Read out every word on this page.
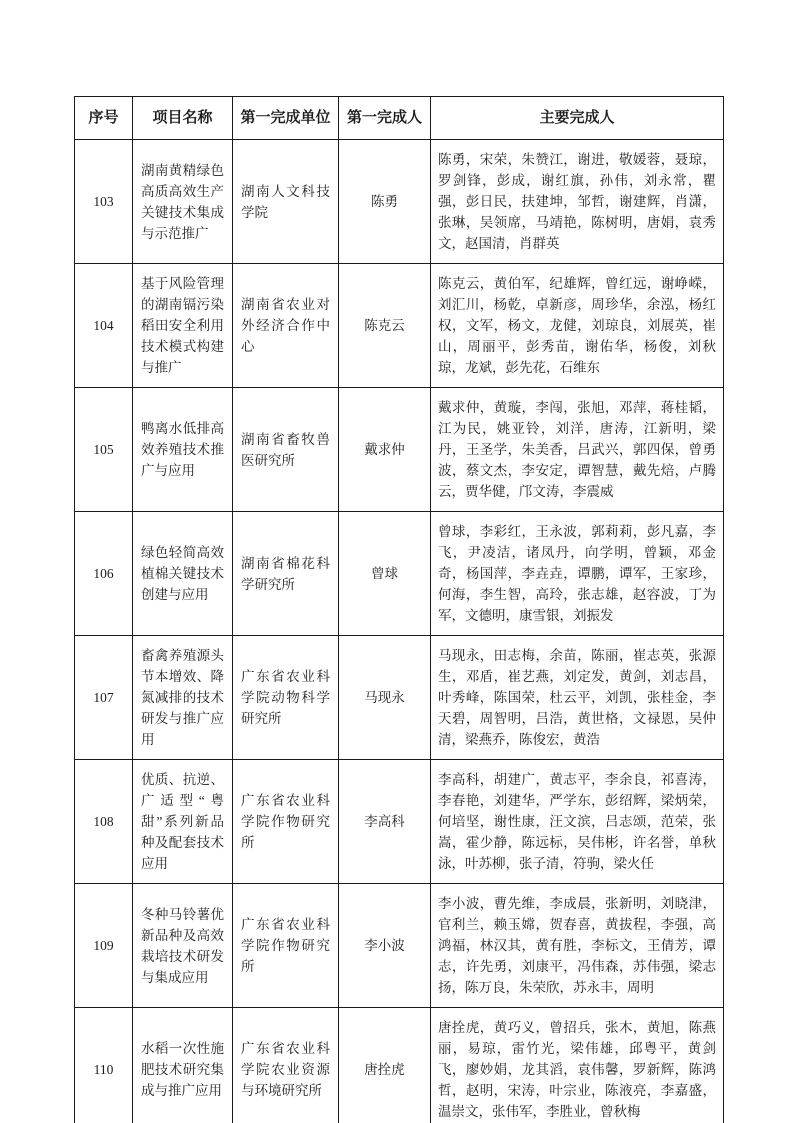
序号	项目名称	第一完成单位	第一完成人	主要完成人
103	湖南黄精绿色高质高效生产关键技术集成与示范推广	湖南人文科技学院	陈勇	陈勇，宋荣，朱赞江，谢进，敬媛蓉，聂琼，罗剑锋，彭成，谢红旗，孙伟，刘永常，瞿强，彭日民，扶建坤，邹哲，谢建辉，肖潇，张琳，吴领席，马靖艳，陈树明，唐娟，袁秀文，赵国清，肖群英
104	基于风险管理的湖南镉污染稻田安全利用技术模式构建与推广	湖南省农业对外经济合作中心	陈克云	陈克云，黄伯军，纪雄辉，曾红远，谢峥嵘，刘汇川，杨乾，卓新彦，周珍华，余泓，杨红权，文军，杨文，龙健，刘琼良，刘展英，崔山，周丽平，彭秀苗，谢佑华，杨俊，刘秋琼，龙斌，彭先花，石维东
105	鸭离水低排高效养殖技术推广与应用	湖南省畜牧兽医研究所	戴求仲	戴求仲，黄璇，李闯，张旭，邓萍，蒋桂韬，江为民，姚亚铃，刘洋，唐涛，江新明，梁丹，王圣学，朱美香，吕武兴，郭四保，曾勇波，蔡文杰，李安定，谭智慧，戴先焙，卢腾云，贾华健，邝文涛，李震威
106	绿色轻简高效植棉关键技术创建与应用	湖南省棉花科学研究所	曾球	曾球，李彩红，王永波，郭莉莉，彭凡嘉，李飞，尹凌洁，诸凤丹，向学明，曾颖，邓金奇，杨国萍，李垚垚，谭鹏，谭军，王家珍，何海，李生智，高玲，张志雄，赵容波，丁为军，文德明，康雪银，刘振发
107	畜禽养殖源头节本增效、降氮减排的技术研发与推广应用	广东省农业科学院动物科学研究所	马现永	马现永，田志梅，余苗，陈丽，崔志英，张源生，邓盾，崔艺燕，刘定发，黄剑，刘志昌，叶秀峰，陈国荣，杜云平，刘凯，张桂金，李天碧，周智明，吕浩，黄世格，文禄恩，吴仲清，梁燕乔，陈俊宏，黄浩
108	优质、抗逆、广适型“粤甜”系列新品种及配套技术应用	广东省农业科学院作物研究所	李高科	李高科，胡建广，黄志平，李余良，祁喜涛，李春艳，刘建华，严学东，彭绍辉，梁炳荣，何培坚，谢性康，汪文滨，吕志颂，范荣，张嵩，霍少静，陈远标，吴伟彬，许名誉，单秋泳，叶苏柳，张子清，符驹，梁火任
109	冬种马铃薯优新品种及高效栽培技术研发与集成应用	广东省农业科学院作物研究所	李小波	李小波，曹先维，李成晨，张新明，刘晓津，官利兰，赖玉嫦，贺春喜，黄拔程，李强，高鸿福，林汉其，黄有胜，李标文，王倩芳，谭志，许先勇，刘康平，冯伟森，苏伟强，梁志扬，陈万良，朱荣欣，苏永丰，周明
110	水稻一次性施肥技术研究集成与推广应用	广东省农业科学院农业资源与环境研究所	唐拴虎	唐拴虎，黄巧义，曾招兵，张木，黄旭，陈燕丽，易琼，雷竹光，梁伟雄，邱粤平，黄剑飞，廖妙娟，龙其滔，袁伟馨，罗新辉，陈鸿哲，赵明，宋涛，叶宗业，陈液亮，李嘉盛，温崇文，张伟军，李胜业，曾秋梅
